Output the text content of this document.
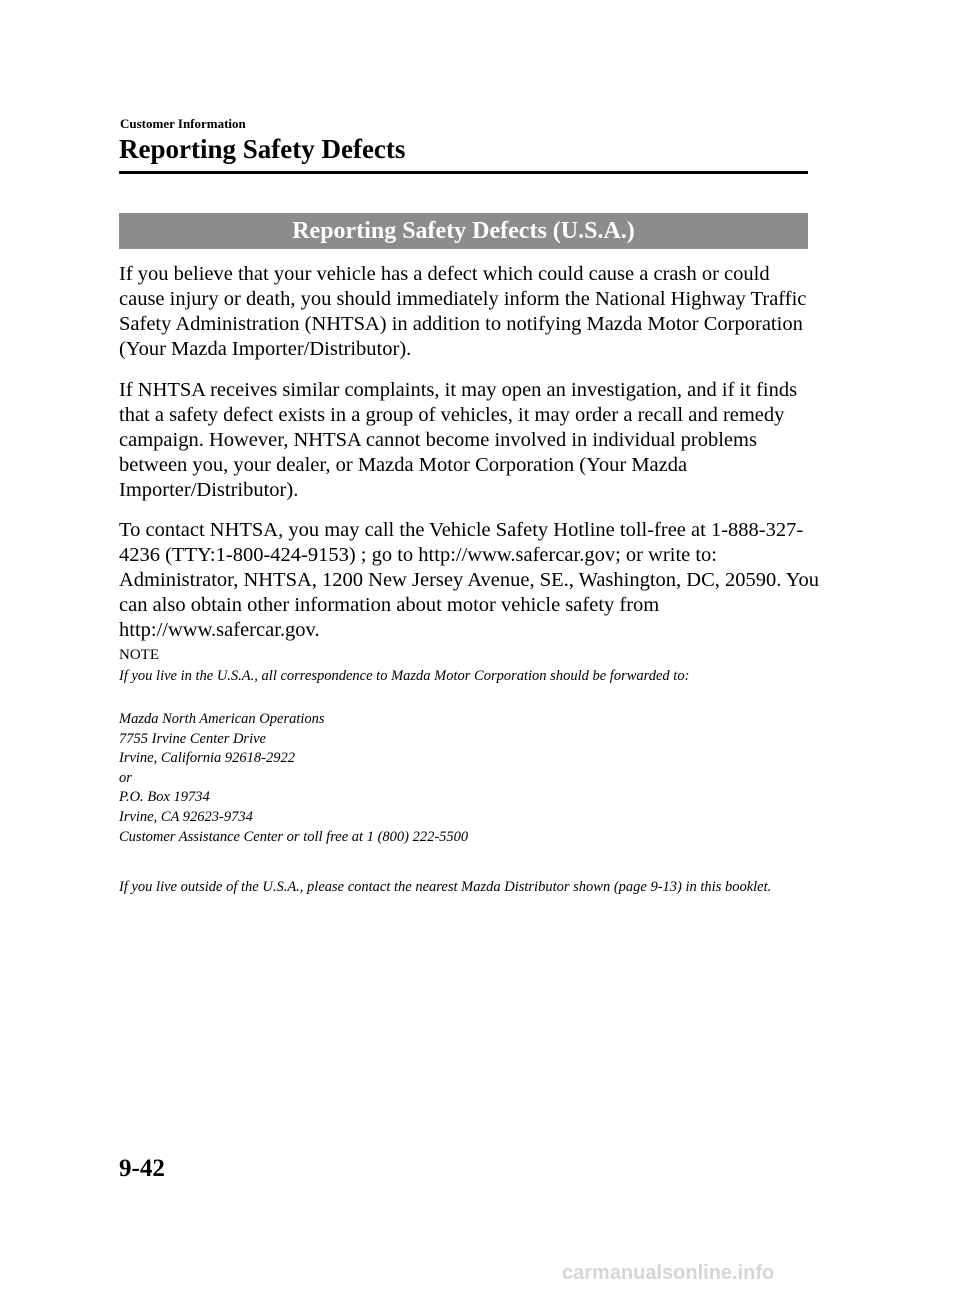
Customer Information
Reporting Safety Defects
Reporting Safety Defects (U.S.A.)

If you believe that your vehicle has a defect which could cause a crash or could cause injury or death, you should immediately inform the National Highway Traffic Safety Administration (NHTSA) in addition to notifying Mazda Motor Corporation (Your Mazda Importer/Distributor).

If NHTSA receives similar complaints, it may open an investigation, and if it finds that a safety defect exists in a group of vehicles, it may order a recall and remedy campaign. However, NHTSA cannot become involved in individual problems between you, your dealer, or Mazda Motor Corporation (Your Mazda Importer/Distributor).

To contact NHTSA, you may call the Vehicle Safety Hotline toll-free at 1-888-327-4236 (TTY:1-800-424-9153) ; go to http://www.safercar.gov; or write to: Administrator, NHTSA, 1200 New Jersey Avenue, SE., Washington, DC, 20590. You can also obtain other information about motor vehicle safety from http://www.safercar.gov.

NOTE

If you live in the U.S.A., all correspondence to Mazda Motor Corporation should be forwarded to:

Mazda North American Operations
7755 Irvine Center Drive
Irvine, California 92618-2922
or
P.O. Box 19734
Irvine, CA 92623-9734
Customer Assistance Center or toll free at 1 (800) 222-5500

If you live outside of the U.S.A., please contact the nearest Mazda Distributor shown (page 9-13) in this booklet.

9-42
carmanualsonline.info
